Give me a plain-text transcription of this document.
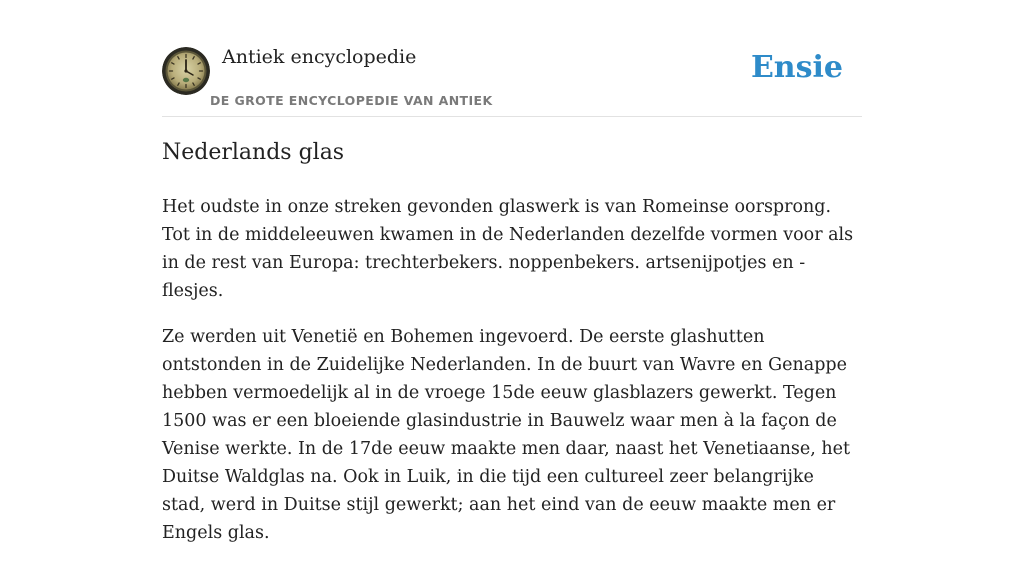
Antiek encyclopedie
DE GROTE ENCYCLOPEDIE VAN ANTIEK
Ensie
Nederlands glas

Het oudste in onze streken gevonden glaswerk is van Romeinse oorsprong. Tot in de middeleeuwen kwamen in de Nederlanden dezelfde vormen voor als in de rest van Europa: trechterbekers. noppenbekers. artsenijpotjes en -flesjes.

Ze werden uit Venetië en Bohemen ingevoerd. De eerste glashutten ontstonden in de Zuidelijke Nederlanden. In de buurt van Wavre en Genappe hebben vermoedelijk al in de vroege 15de eeuw glasblazers gewerkt. Tegen 1500 was er een bloeiende glasindustrie in Bauwelz waar men à la façon de Venise werkte. In de 17de eeuw maakte men daar, naast het Venetiaanse, het Duitse Waldglas na. Ook in Luik, in die tijd een cultureel zeer belangrijke stad, werd in Duitse stijl gewerkt; aan het eind van de eeuw maakte men er Engels glas.
